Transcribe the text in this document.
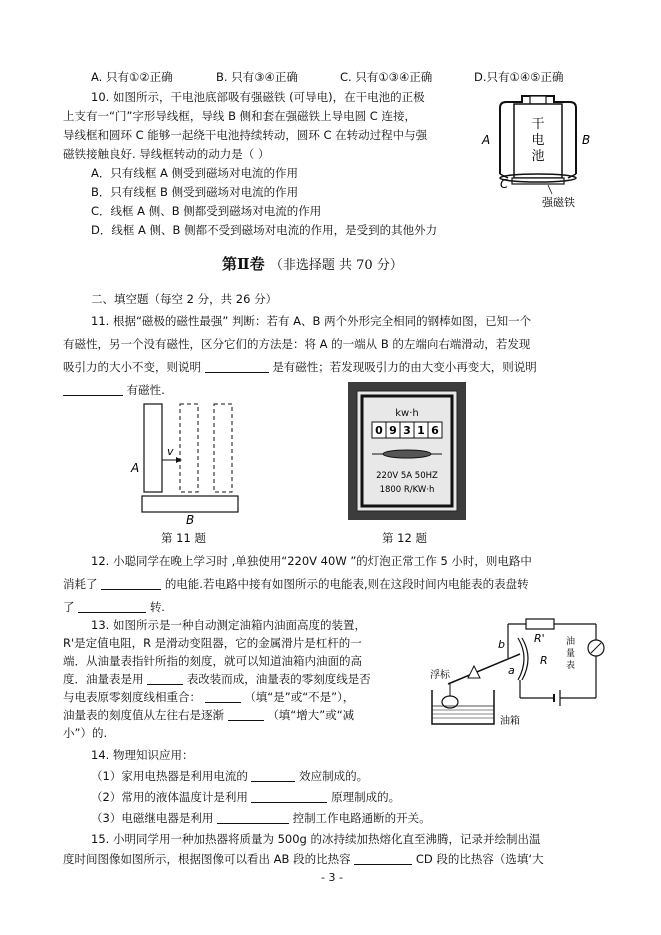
A. 只有①②正确	B. 只有③④正确	C. 只有①③④正确	D.只有①④⑤正确
10. 如图所示，干电池底部吸有强磁铁 (可导电)，在干电池的正极
上支有一“门”字形导线框，导线 B 侧和套在强磁铁上导电圆 C 连接，
导线框和圆环 C 能够一起绕干电池持续转动，圆环 C 在转动过程中与强
磁铁接触良好. 导线框转动的动力是（ ）
A．只有线框 A 侧受到磁场对电流的作用
B．只有线框 B 侧受到磁场对电流的作用
C．线框 A 侧、B 侧都受到磁场对电流的作用
D．线框 A 侧、B 侧都不受到磁场对电流的作用，是受到的其他外力
干
电
池
A	B
C
强磁铁
第Ⅱ卷 （非选择题 共 70 分）
二、填空题（每空 2 分，共 26 分）
11. 根据“磁极的磁性最强” 判断：若有 A、B 两个外形完全相同的钢棒如图，已知一个
有磁性，另一个没有磁性，区分它们的方法是：将 A 的一端从 B 的左端向右端滑动，若发现
吸引力的大小不变，则说明	是有磁性；若发现吸引力的由大变小再变大，则说明
有磁性.
v
A
B
第 11 题
kw·h
0 9 3 1 6
220V 5A 50HZ
1800 R/KW·h
第 12 题
12. 小聪同学在晚上学习时 ,单独使用“220V 40W ”的灯泡正常工作 5 小时，则电路中
消耗了	的电能.若电路中接有如图所示的电能表,则在这段时间内电能表的表盘转
了	转.
13. 如图所示是一种自动测定油箱内油面高度的装置，
R'是定值电阻，R 是滑动变阻器，它的金属滑片是杠杆的一
端．从油量表指针所指的刻度，就可以知道油箱内油面的高
度．油量表是用	表改装而成，油量表的零刻度线是否
与电表原零刻度线相重合：	（填“是”或“不是”），
油量表的刻度值从左往右是逐渐	（填“增大”或“减
小”）的.
R'
R
b
a
浮标
油箱
油
量
表
14. 物理知识应用：
（1）家用电热器是利用电流的	效应制成的。
（2）常用的液体温度计是利用	原理制成的。
（3）电磁继电器是利用	控制工作电路通断的开关。
15. 小明同学用一种加热器将质量为 500g 的冰持续加热熔化直至沸腾，记录并绘制出温
度时间图像如图所示，根据图像可以看出 AB 段的比热容	CD 段的比热容（选填‘大
- 3 -
